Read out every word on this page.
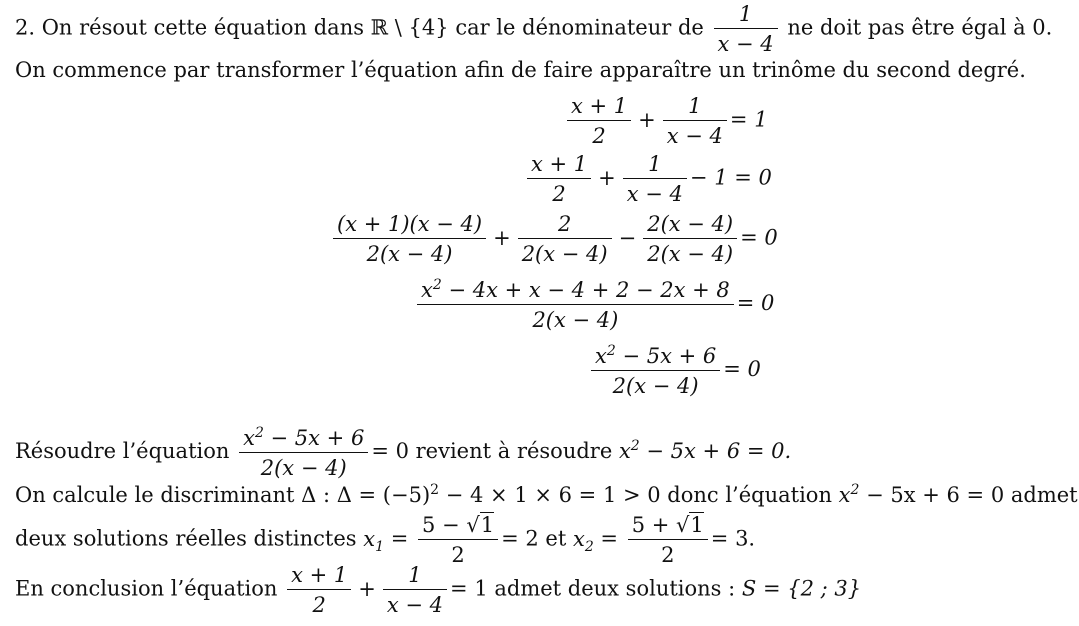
2. On résout cette équation dans ℝ \ {4} car le dénominateur de $\frac{1}{x - 4}$ ne doit pas être égal à 0.
On commence par transformer l’équation afin de faire apparaître un trinôme du second degré.
$\frac{x + 1}{2} + \frac{1}{x - 4} = 1$
$\frac{x + 1}{2} + \frac{1}{x - 4} - 1 = 0$
$\frac{(x + 1)(x - 4)}{2(x - 4)} + \frac{2}{2(x - 4)} - \frac{2(x - 4)}{2(x - 4)} = 0$
$\frac{x^2 - 4x + x - 4 + 2 - 2x + 8}{2(x - 4)} = 0$
$\frac{x^2 - 5x + 6}{2(x - 4)} = 0$
Résoudre l’équation $\frac{x^2 - 5x + 6}{2(x - 4)} = 0$ revient à résoudre $x^2 - 5x + 6 = 0$.
On calcule le discriminant Δ : $\Delta = (-5)^2 - 4 \times 1 \times 6 = 1 > 0$ donc l’équation $x^2 - 5x + 6 = 0$ admet
deux solutions réelles distinctes $x_1 = \frac{5 - √1}{2} = 2$ et $x_2 = \frac{5 + √1}{2} = 3$.
En conclusion l’équation $\frac{x + 1}{2} + \frac{1}{x - 4} = 1$ admet deux solutions : S = {2 ; 3}
